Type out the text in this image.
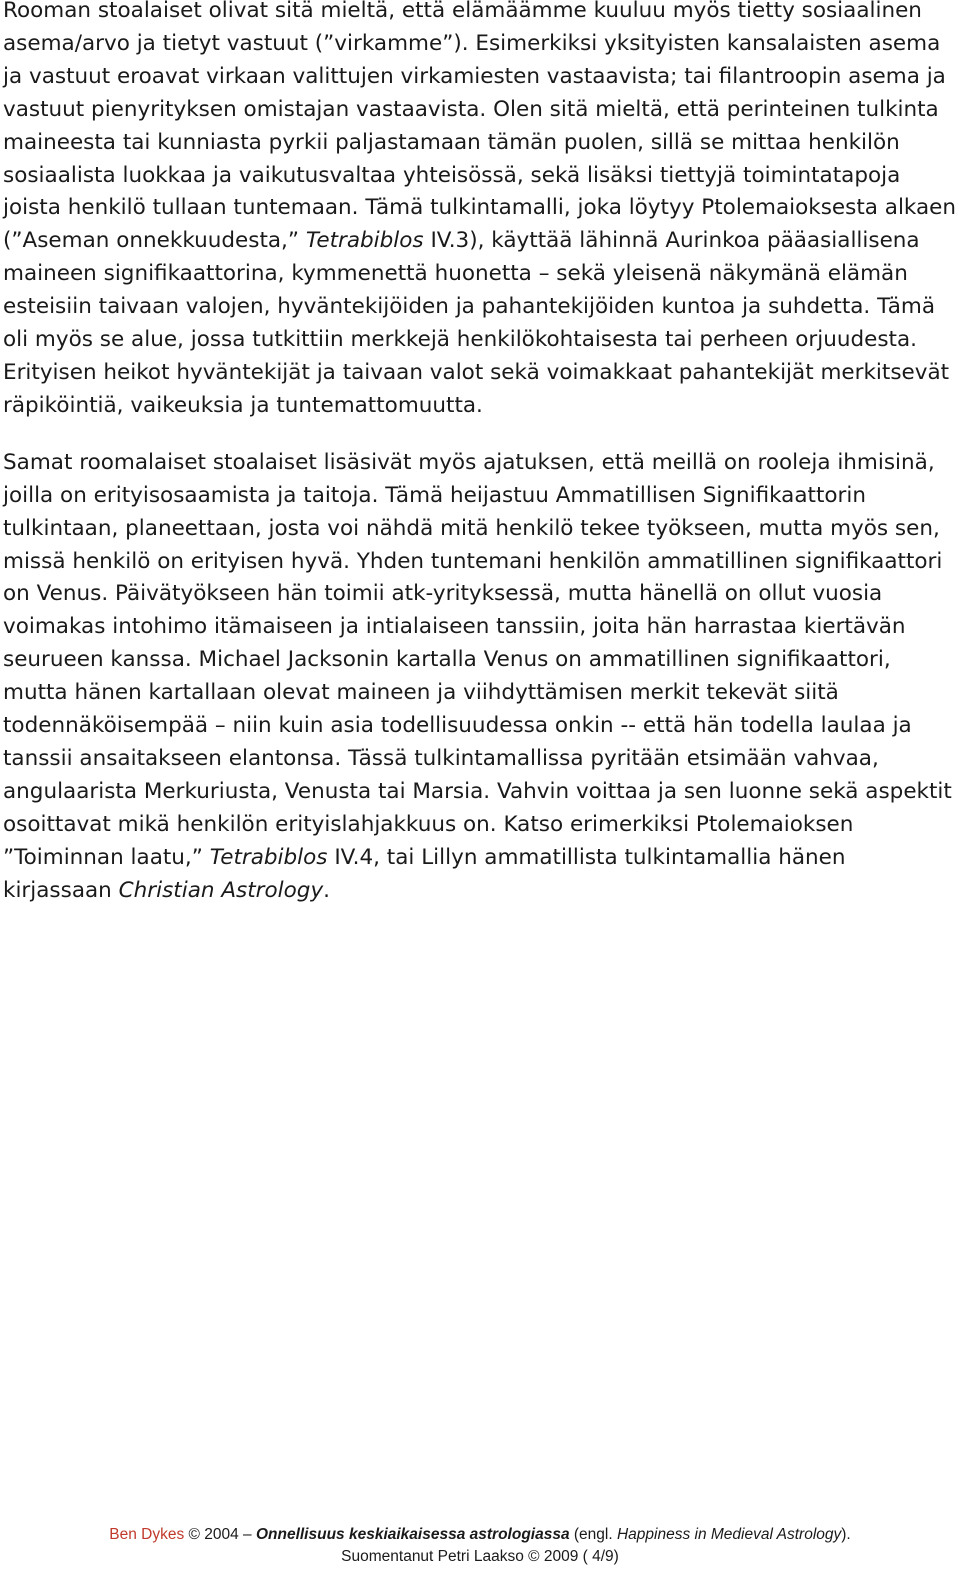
Rooman stoalaiset olivat sitä mieltä, että elämäämme kuuluu myös tietty sosiaalinen asema/arvo ja tietyt vastuut (”virkamme”). Esimerkiksi yksityisten kansalaisten asema ja vastuut eroavat virkaan valittujen virkamiesten vastaavista; tai filantroopin asema ja vastuut pienyrityksen omistajan vastaavista. Olen sitä mieltä, että perinteinen tulkinta maineesta tai kunniasta pyrkii paljastamaan tämän puolen, sillä se mittaa henkilön sosiaalista luokkaa ja vaikutusvaltaa yhteisössä, sekä lisäksi tiettyjä toimintatapoja joista henkilö tullaan tuntemaan. Tämä tulkintamalli, joka löytyy Ptolemaioksesta alkaen (”Aseman onnekkuudesta,” Tetrabiblos IV.3), käyttää lähinnä Aurinkoa pääasiallisena maineen signifikaattorina, kymmenettä huonetta – sekä yleisenä näkymänä elämän esteisiin taivaan valojen, hyväntekijöiden ja pahantekijöiden kuntoa ja suhdetta. Tämä oli myös se alue, jossa tutkittiin merkkejä henkilökohtaisesta tai perheen orjuudesta. Erityisen heikot hyväntekijät ja taivaan valot sekä voimakkaat pahantekijät merkitsevät räpiköintiä, vaikeuksia ja tuntemattomuutta.

Samat roomalaiset stoalaiset lisäsivät myös ajatuksen, että meillä on rooleja ihmisinä, joilla on erityisosaamista ja taitoja. Tämä heijastuu Ammatillisen Signifikaattorin tulkintaan, planeettaan, josta voi nähdä mitä henkilö tekee työkseen, mutta myös sen, missä henkilö on erityisen hyvä. Yhden tuntemani henkilön ammatillinen signifikaattori on Venus. Päivätyökseen hän toimii atk-yrityksessä, mutta hänellä on ollut vuosia voimakas intohimo itämaiseen ja intialaiseen tanssiin, joita hän harrastaa kiertävän seurueen kanssa. Michael Jacksonin kartalla Venus on ammatillinen signifikaattori, mutta hänen kartallaan olevat maineen ja viihdyttämisen merkit tekevät siitä todennäköisempää – niin kuin asia todellisuudessa onkin -- että hän todella laulaa ja tanssii ansaitakseen elantonsa. Tässä tulkintamallissa pyritään etsimään vahvaa, angulaarista Merkuriusta, Venusta tai Marsia. Vahvin voittaa ja sen luonne sekä aspektit osoittavat mikä henkilön erityislahjakkuus on. Katso erimerkiksi Ptolemaioksen ”Toiminnan laatu,” Tetrabiblos IV.4, tai Lillyn ammatillista tulkintamallia hänen kirjassaan Christian Astrology.

Ben Dykes © 2004 – Onnellisuus keskiaikaisessa astrologiassa (engl. Happiness in Medieval Astrology).
Suomentanut Petri Laakso © 2009 ( 4/9)
